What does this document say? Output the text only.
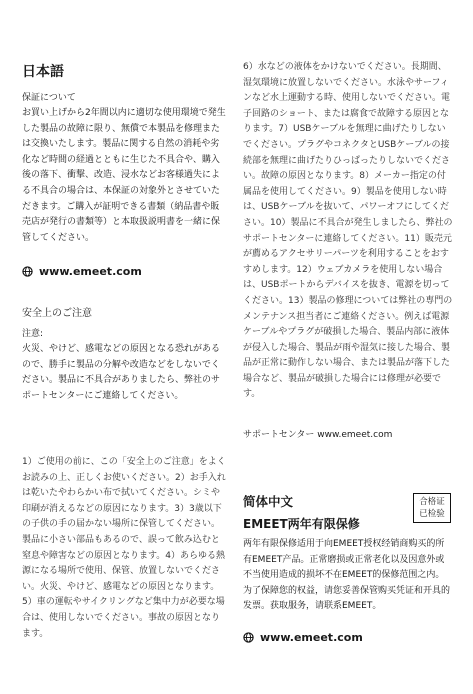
日本語

保証について

お買い上げから2年間以内に適切な使用環境で発生した製品の故障に限り、無償で本製品を修理または交換いたします。製品に関する自然の消耗や劣化など時間の経過とともに生じた不具合や、購入後の落下、衝撃、改造、浸水などお客様過失による不具合の場合は、本保証の対象外とさせていただきます。ご購入が証明できる書類（納品書や販売店が発行の書類等）と本取扱説明書を一緒に保管してください。

www.emeet.com

安全上のご注意

注意:

火災、やけど、感電などの原因となる恐れがあるので、勝手に製品の分解や改造などをしないでください。製品に不具合がありましたら、弊社のサポートセンターにご連絡してください。

1）ご使用の前に、この「安全上のご注意」をよくお読みの上、正しくお使いください。2）お手入れは乾いたやわらかい布で拭いてください。シミや印刷が消えるなどの原因になります。3）3歳以下の子供の手の届かない場所に保管してください。製品に小さい部品もあるので、誤って飲み込むと窒息や障害などの原因となります。4）あらゆる熱源になる場所で使用、保管、放置しないでください。火災、やけど、感電などの原因となります。5）車の運転やサイクリングなど集中力が必要な場合は、使用しないでください。事故の原因となります。

6）水などの液体をかけないでください。長期間、湿気環境に放置しないでください。水泳やサーフィンなど水上運動する時、使用しないでください。電子回路のショート、または腐食で故障する原因となります。7）USBケーブルを無理に曲げたりしないでください。プラグやコネクタとUSBケーブルの接続部を無理に曲げたりひっぱったりしないでください。故障の原因となります。8）メーカー指定の付属品を使用してください。9）製品を使用しない時は、USBケーブルを抜いて、パワーオフにしてください。10）製品に不具合が発生しましたら、弊社のサポートセンターに連絡してください。11）販売元が薦めるアクセサリーパーツを利用することをおすすめします。12）ウェブカメラを使用しない場合は、USBポートからデバイスを抜き、電源を切ってください。13）製品の修理については弊社の専門のメンテナンス担当者にご連絡ください。例えば電源ケーブルやプラグが破損した場合、製品内部に液体が侵入した場合、製品が雨や湿気に接した場合、製品が正常に動作しない場合、または製品が落下した場合など、製品が破損した場合には修理が必要です。

サポートセンター www.emeet.com

简体中文
EMEET两年有限保修

两年有限保修适用于向EMEET授权经销商购买的所有EMEET产品。正常磨损或正常老化以及因意外或不当使用造成的损坏不在EMEET的保修范围之内。为了保障您的权益，请您妥善保管购买凭证和开具的发票。获取服务，请联系EMEET。

www.emeet.com
合格证
已检验
